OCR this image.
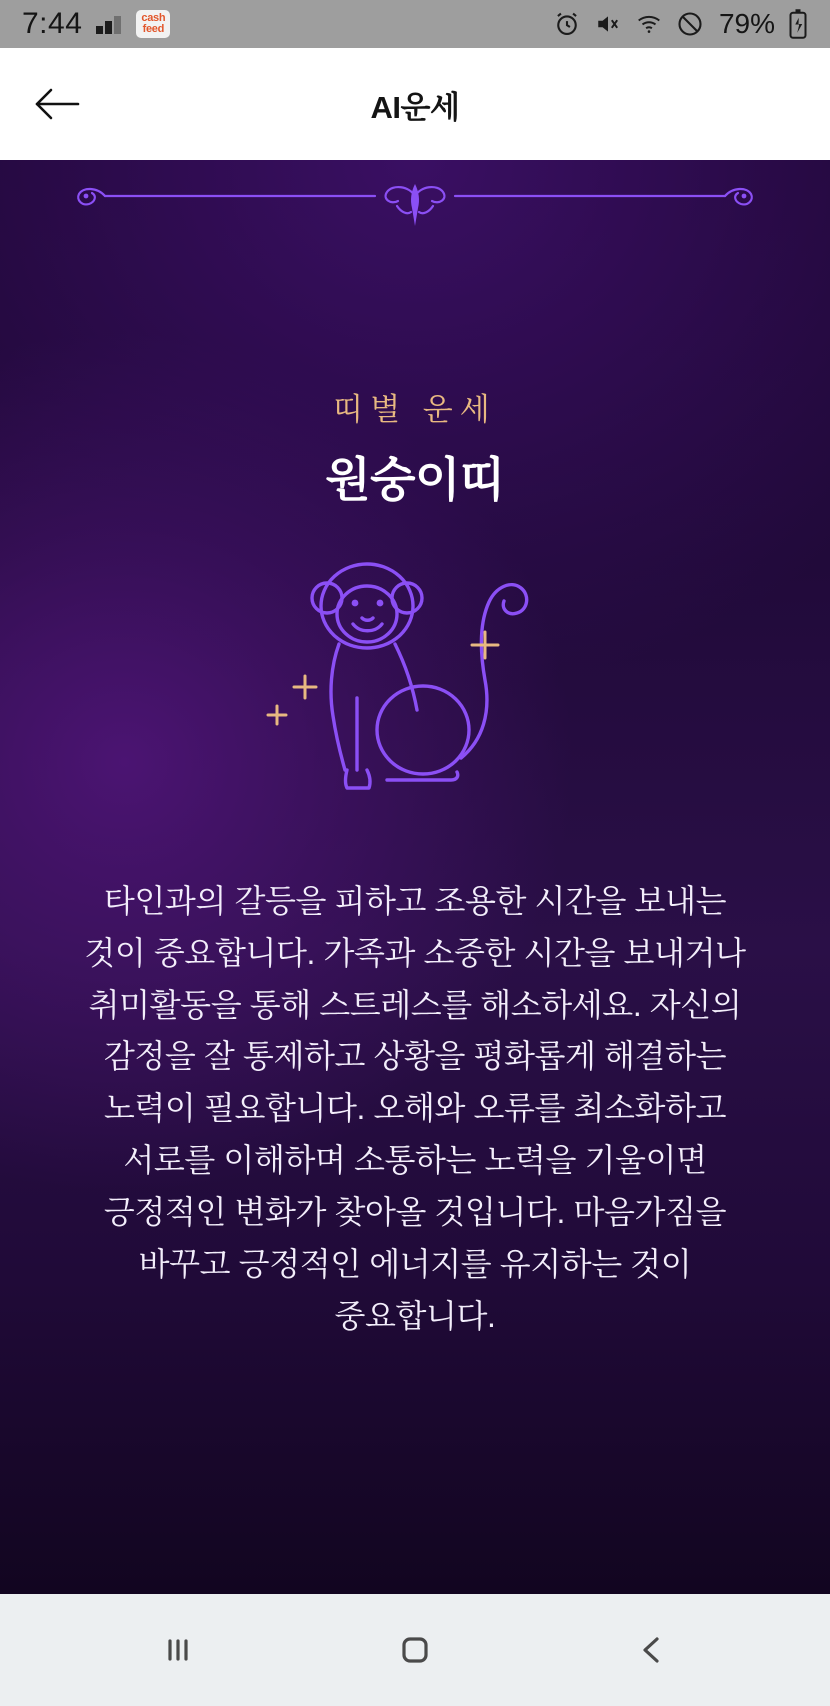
7:44	cash
feed	79%
AI운세
띠별 운세
원숭이띠

타인과의 갈등을 피하고 조용한 시간을 보내는 것이 중요합니다. 가족과 소중한 시간을 보내거나 취미활동을 통해 스트레스를 해소하세요. 자신의 감정을 잘 통제하고 상황을 평화롭게 해결하는 노력이 필요합니다. 오해와 오류를 최소화하고 서로를 이해하며 소통하는 노력을 기울이면 긍정적인 변화가 찾아올 것입니다. 마음가짐을 바꾸고 긍정적인 에너지를 유지하는 것이 중요합니다.
